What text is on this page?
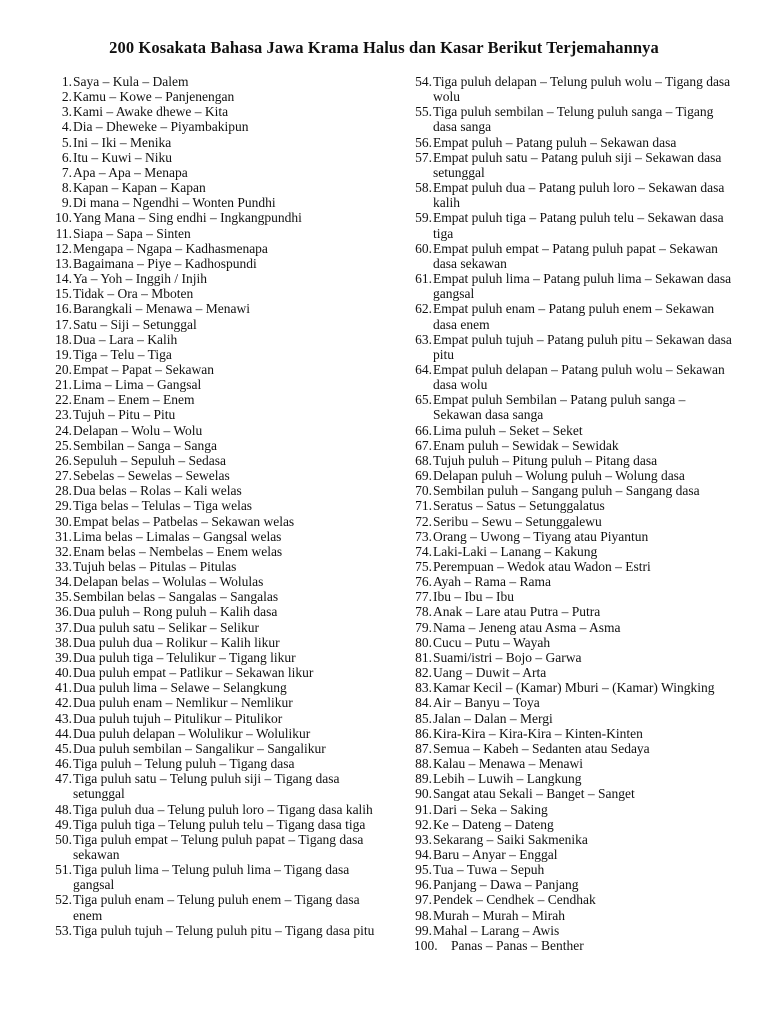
200 Kosakata Bahasa Jawa Krama Halus dan Kasar Berikut Terjemahannya
1. Saya – Kula – Dalem
2. Kamu – Kowe – Panjenengan
3. Kami – Awake dhewe – Kita
4. Dia – Dheweke – Piyambakipun
5. Ini – Iki – Menika
6. Itu – Kuwi – Niku
7. Apa – Apa – Menapa
8. Kapan – Kapan – Kapan
9. Di mana – Ngendhi – Wonten Pundhi
10. Yang Mana – Sing endhi – Ingkangpundhi
11. Siapa – Sapa – Sinten
12. Mengapa – Ngapa – Kadhasmenapa
13. Bagaimana – Piye – Kadhospundi
14. Ya – Yoh – Inggih / Injih
15. Tidak – Ora – Mboten
16. Barangkali – Menawa – Menawi
17. Satu – Siji – Setunggal
18. Dua – Lara – Kalih
19. Tiga – Telu – Tiga
20. Empat – Papat – Sekawan
21. Lima – Lima – Gangsal
22. Enam – Enem – Enem
23. Tujuh – Pitu – Pitu
24. Delapan – Wolu – Wolu
25. Sembilan – Sanga – Sanga
26. Sepuluh – Sepuluh – Sedasa
27. Sebelas – Sewelas – Sewelas
28. Dua belas – Rolas – Kali welas
29. Tiga belas – Telulas – Tiga welas
30. Empat belas – Patbelas – Sekawan welas
31. Lima belas – Limalas – Gangsal welas
32. Enam belas – Nembelas – Enem welas
33. Tujuh belas – Pitulas – Pitulas
34. Delapan belas – Wolulas – Wolulas
35. Sembilan belas – Sangalas – Sangalas
36. Dua puluh – Rong puluh – Kalih dasa
37. Dua puluh satu – Selikar – Selikur
38. Dua puluh dua – Rolikur – Kalih likur
39. Dua puluh tiga – Telulikur – Tigang likur
40. Dua puluh empat – Patlikur – Sekawan likur
41. Dua puluh lima – Selawe – Selangkung
42. Dua puluh enam – Nemlikur – Nemlikur
43. Dua puluh tujuh – Pitulikur – Pitulikor
44. Dua puluh delapan – Wolulikur – Wolulikur
45. Dua puluh sembilan – Sangalikur – Sangalikur
46. Tiga puluh – Telung puluh – Tigang dasa
47. Tiga puluh satu – Telung puluh siji – Tigang dasa setunggal
48. Tiga puluh dua – Telung puluh loro – Tigang dasa kalih
49. Tiga puluh tiga – Telung puluh telu – Tigang dasa tiga
50. Tiga puluh empat – Telung puluh papat – Tigang dasa sekawan
51. Tiga puluh lima – Telung puluh lima – Tigang dasa gangsal
52. Tiga puluh enam – Telung puluh enem – Tigang dasa enem
53. Tiga puluh tujuh – Telung puluh pitu – Tigang dasa pitu
54. Tiga puluh delapan – Telung puluh wolu – Tigang dasa wolu
55. Tiga puluh sembilan – Telung puluh sanga – Tigang dasa sanga
56. Empat puluh – Patang puluh – Sekawan dasa
57. Empat puluh satu – Patang puluh siji – Sekawan dasa setunggal
58. Empat puluh dua – Patang puluh loro – Sekawan dasa kalih
59. Empat puluh tiga – Patang puluh telu – Sekawan dasa tiga
60. Empat puluh empat – Patang puluh papat – Sekawan dasa sekawan
61. Empat puluh lima – Patang puluh lima – Sekawan dasa gangsal
62. Empat puluh enam – Patang puluh enem – Sekawan dasa enem
63. Empat puluh tujuh – Patang puluh pitu – Sekawan dasa pitu
64. Empat puluh delapan – Patang puluh wolu – Sekawan dasa wolu
65. Empat puluh Sembilan – Patang puluh sanga – Sekawan dasa sanga
66. Lima puluh – Seket – Seket
67. Enam puluh – Sewidak – Sewidak
68. Tujuh puluh – Pitung puluh – Pitang dasa
69. Delapan puluh – Wolung puluh – Wolung dasa
70. Sembilan puluh – Sangang puluh – Sangang dasa
71. Seratus – Satus – Setunggalatus
72. Seribu – Sewu – Setunggalewu
73. Orang – Uwong – Tiyang atau Piyantun
74. Laki-Laki – Lanang – Kakung
75. Perempuan – Wedok atau Wadon – Estri
76. Ayah – Rama – Rama
77. Ibu – Ibu – Ibu
78. Anak – Lare atau Putra – Putra
79. Nama – Jeneng atau Asma – Asma
80. Cucu – Putu – Wayah
81. Suami/istri – Bojo – Garwa
82. Uang – Duwit – Arta
83. Kamar Kecil – (Kamar) Mburi – (Kamar) Wingking
84. Air – Banyu – Toya
85. Jalan – Dalan – Mergi
86. Kira-Kira – Kira-Kira – Kinten-Kinten
87. Semua – Kabeh – Sedanten atau Sedaya
88. Kalau – Menawa – Menawi
89. Lebih – Luwih – Langkung
90. Sangat atau Sekali – Banget – Sanget
91. Dari – Seka – Saking
92. Ke – Dateng – Dateng
93. Sekarang – Saiki Sakmenika
94. Baru – Anyar – Enggal
95. Tua – Tuwa – Sepuh
96. Panjang – Dawa – Panjang
97. Pendek – Cendhek – Cendhak
98. Murah – Murah – Mirah
99. Mahal – Larang – Awis
100. Panas – Panas – Benther
